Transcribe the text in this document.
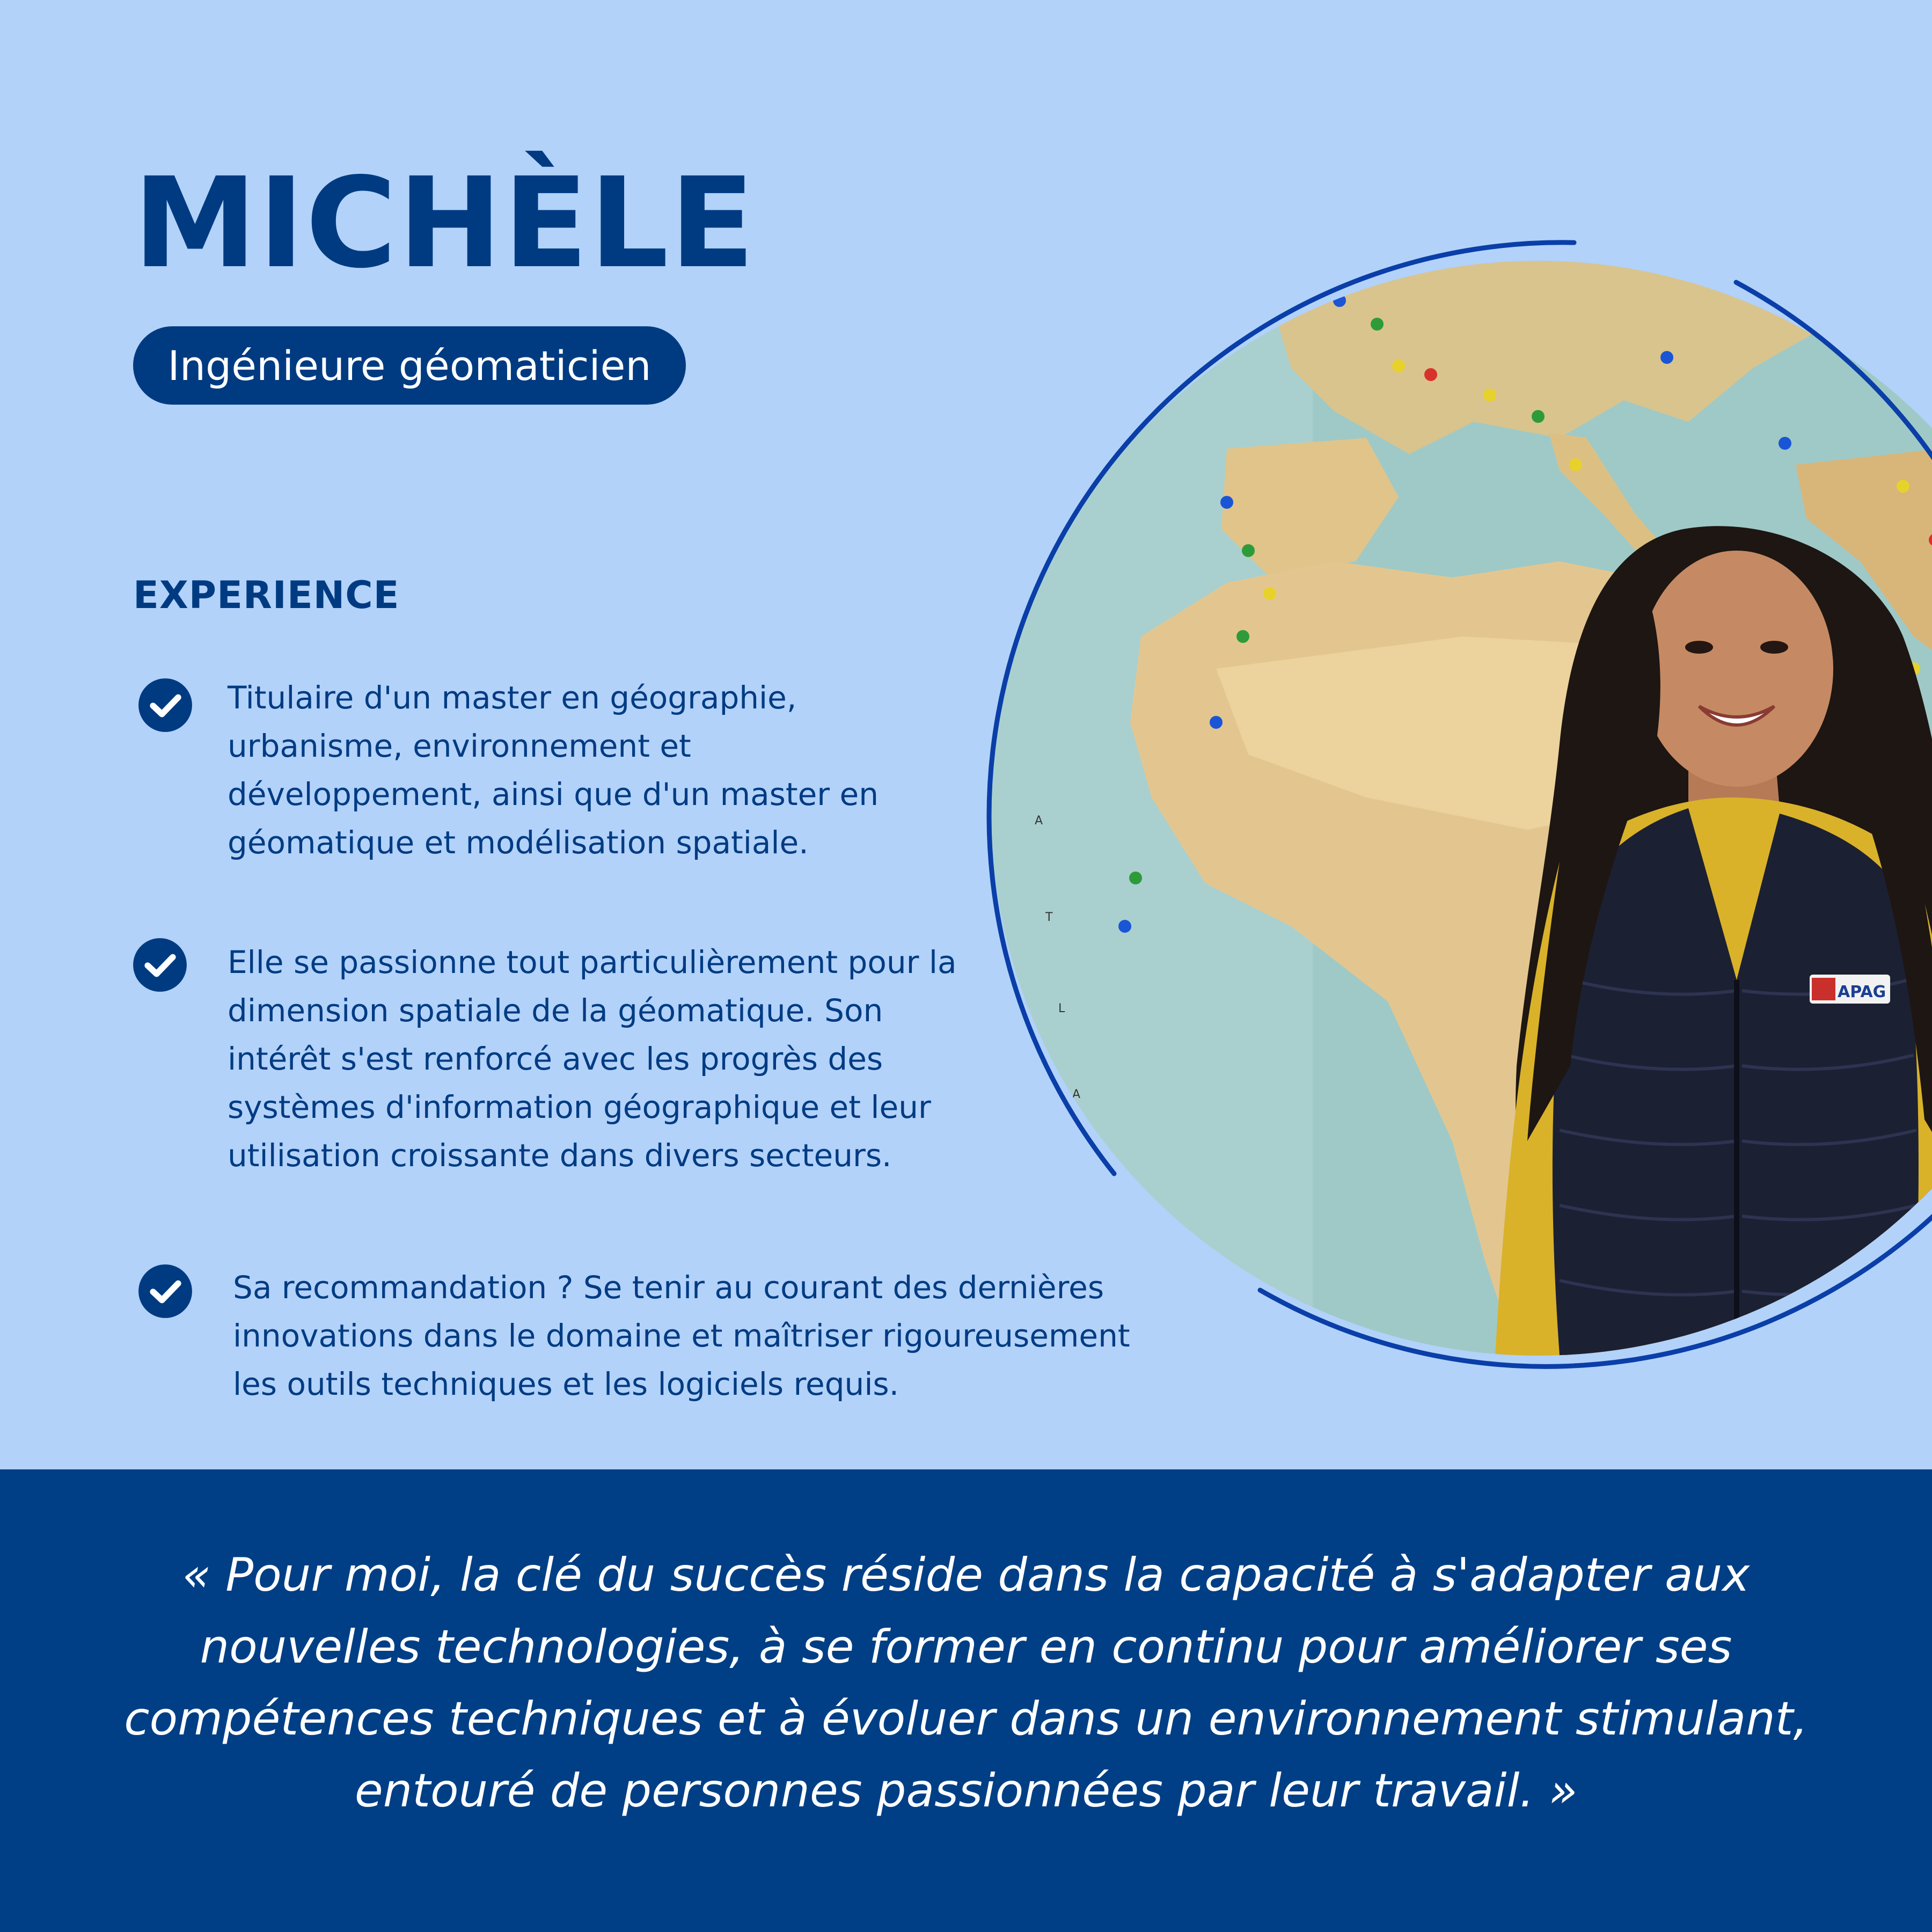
MICHÈLE
Ingénieure géomaticien
EXPERIENCE

Titulaire d'un master en géographie, urbanisme, environnement et développement, ainsi que d'un master en géomatique et modélisation spatiale.

Elle se passionne tout particulièrement pour la dimension spatiale de la géomatique. Son intérêt s'est renforcé avec les progrès des systèmes d'information géographique et leur utilisation croissante dans divers secteurs.

Sa recommandation ? Se tenir au courant des dernières innovations dans le domaine et maîtriser rigoureusement les outils techniques et les logiciels requis.

A
T
L
A
N
APAG

« Pour moi, la clé du succès réside dans la capacité à s'adapter aux nouvelles technologies, à se former en continu pour améliorer ses compétences techniques et à évoluer dans un environnement stimulant, entouré de personnes passionnées par leur travail. »
